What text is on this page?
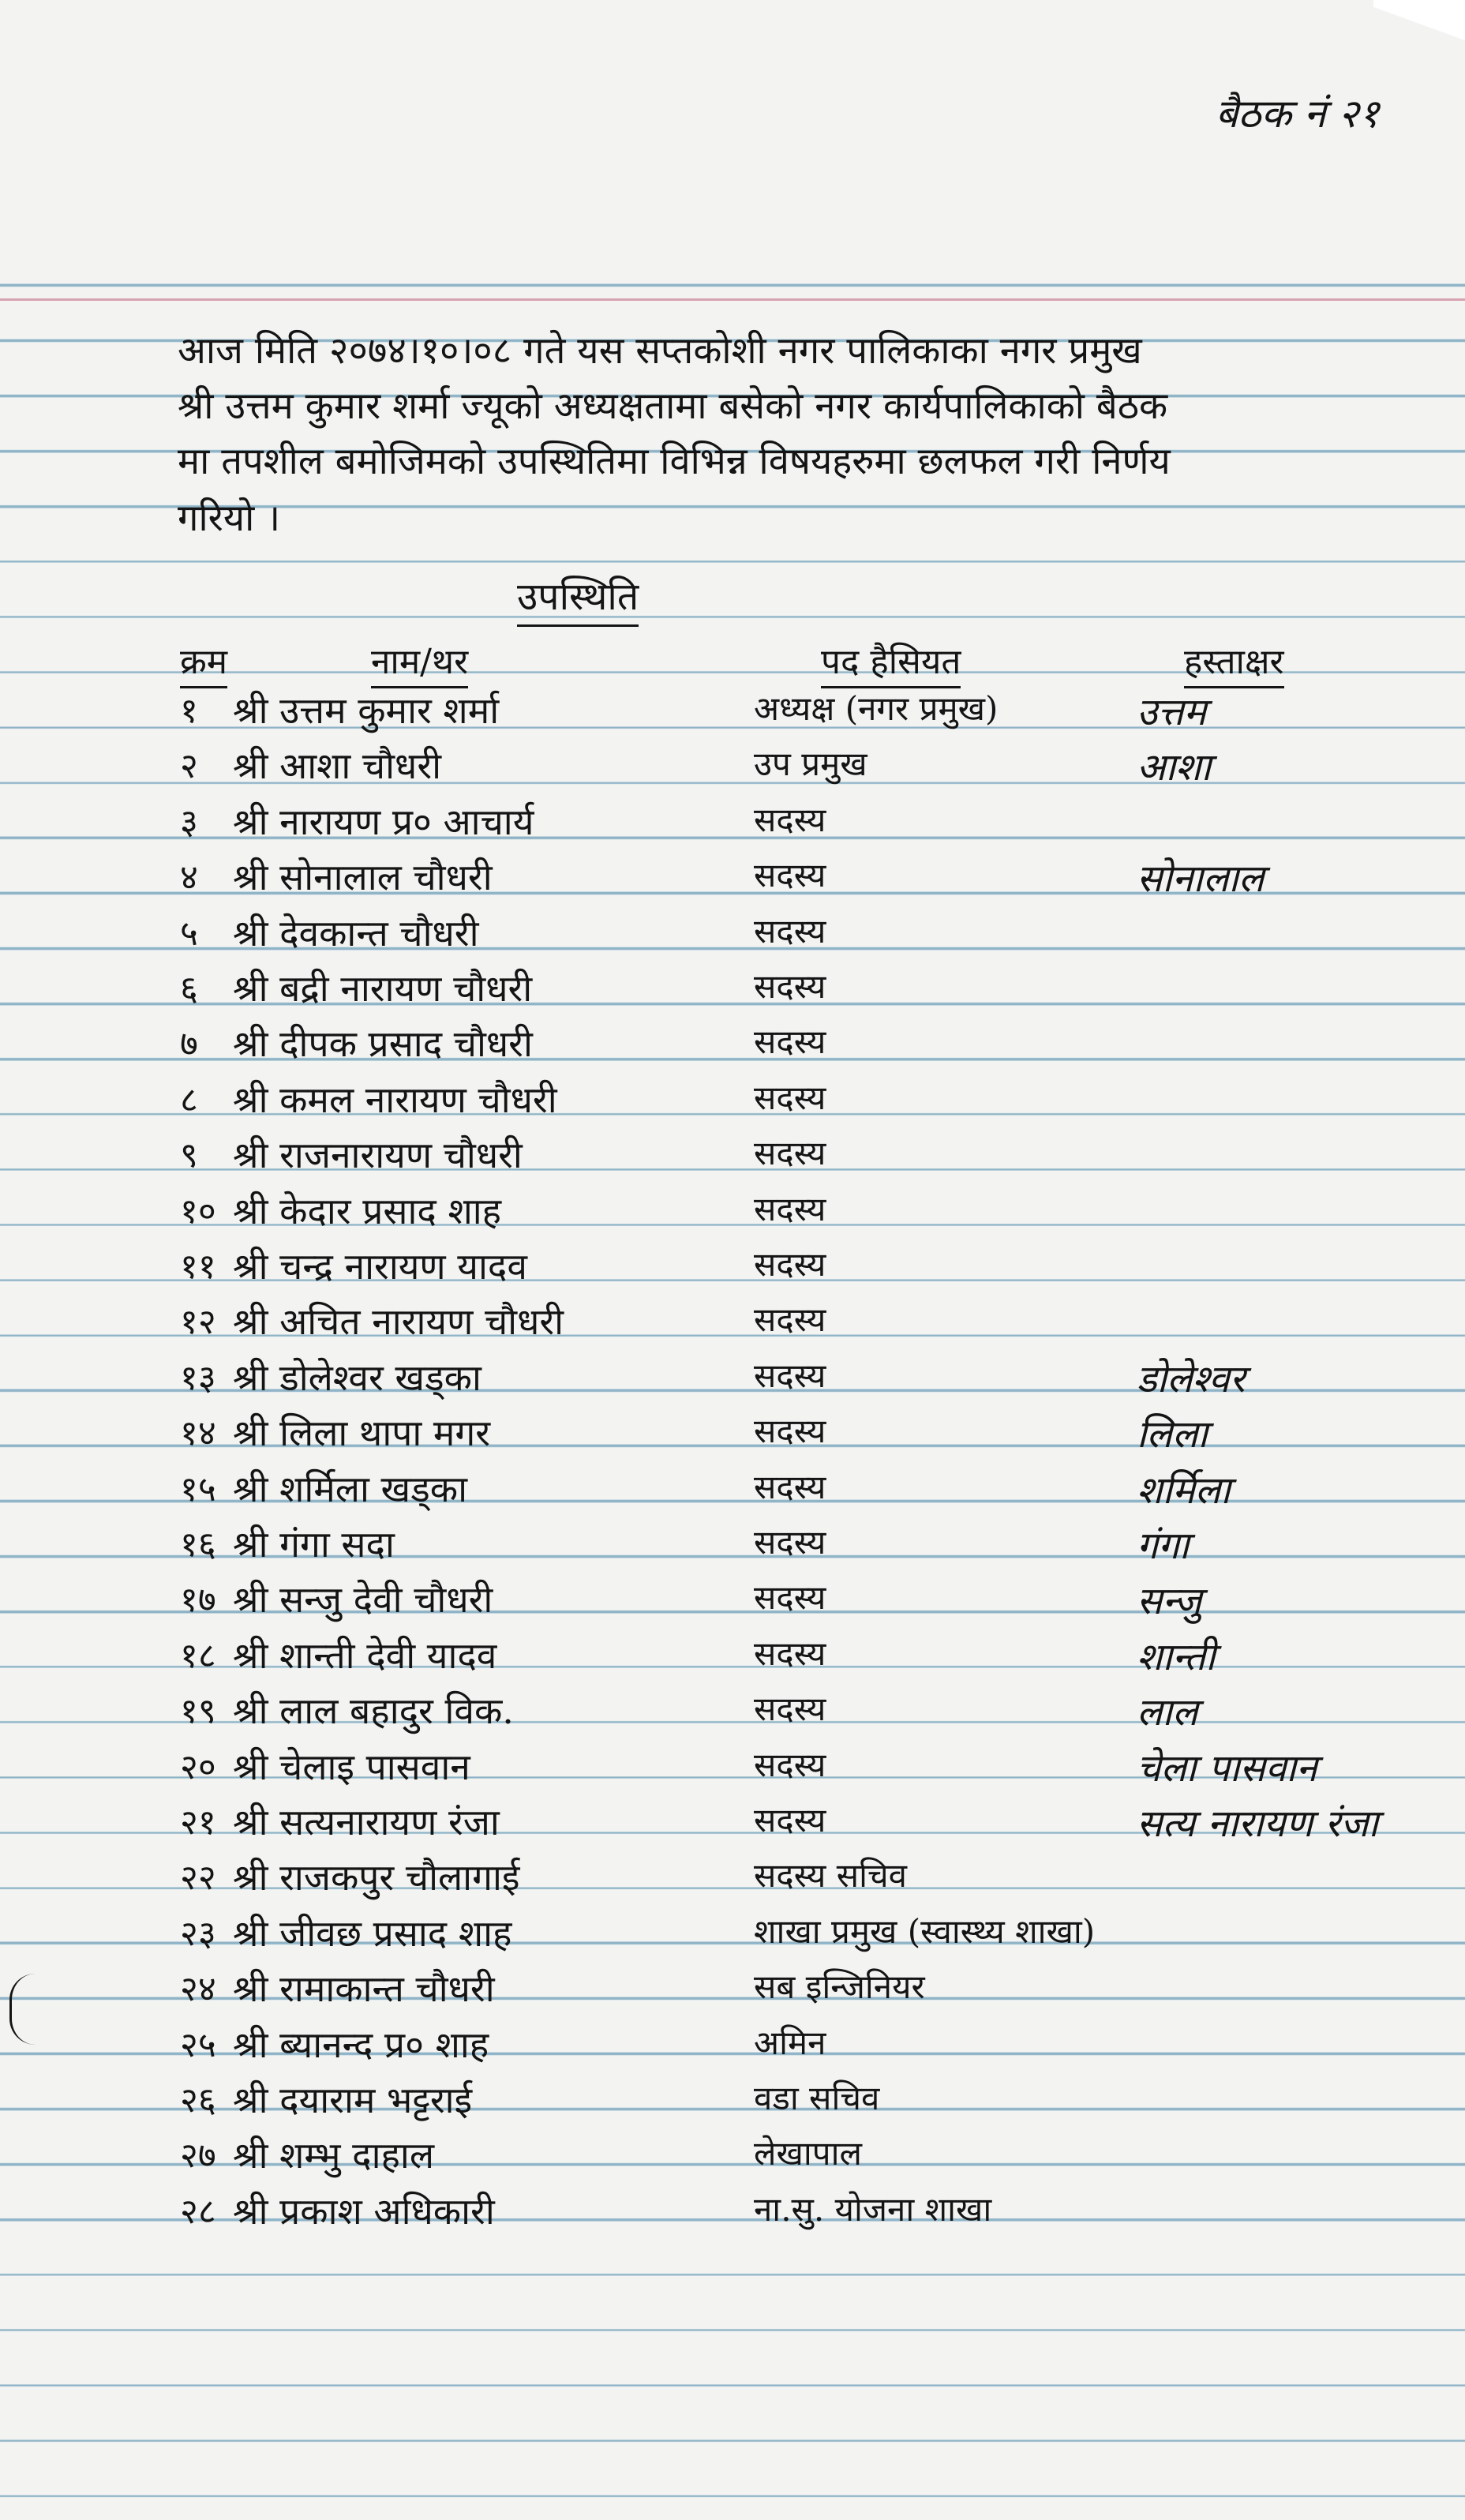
बैठक नं २१
आज मिति २०७४।१०।०८ गते यस सप्तकोशी नगर पालिकाका नगर प्रमुख
श्री उत्तम कुमार शर्मा ज्यूको अध्यक्षतामा बसेको नगर कार्यपालिकाको बैठक
मा तपशील बमोजिमको उपस्थितिमा विभिन्न विषयहरुमा छलफल गरी निर्णय
गरियो ।
उपस्थिति
क्रम	नाम/थर	पद हैसियत	हस्ताक्षर
१ श्री उत्तम कुमार शर्मा	अध्यक्ष (नगर प्रमुख)	उत्तम
२ श्री आशा चौधरी	उप प्रमुख	आशा
३ श्री नारायण प्र० आचार्य	सदस्य
४ श्री सोनालाल चौधरी	सदस्य	सोनालाल
५ श्री देवकान्त चौधरी	सदस्य
६ श्री बद्री नारायण चौधरी	सदस्य
७ श्री दीपक प्रसाद चौधरी	सदस्य
८ श्री कमल नारायण चौधरी	सदस्य
९ श्री राजनारायण चौधरी	सदस्य
१० श्री केदार प्रसाद शाह	सदस्य
११ श्री चन्द्र नारायण यादव	सदस्य
१२ श्री अचित नारायण चौधरी	सदस्य
१३ श्री डोलेश्वर खड्का	सदस्य	डोलेश्वर
१४ श्री लिला थापा मगर	सदस्य	लिला
१५ श्री शर्मिला खड्का	सदस्य	शर्मिला
१६ श्री गंगा सदा	सदस्य	गंगा
१७ श्री सन्जु देवी चौधरी	सदस्य	सन्जु
१८ श्री शान्ती देवी यादव	सदस्य	शान्ती
१९ श्री लाल बहादुर विक.	सदस्य	लाल
२० श्री चेलाइ पासवान	सदस्य	चेला पासवान
२१ श्री सत्यनारायण रंजा	सदस्य	सत्य नारायण रंजा
२२ श्री राजकपुर चौलागाई	सदस्य सचिव
२३ श्री जीवछ प्रसाद शाह	शाखा प्रमुख (स्वास्थ्य शाखा)
२४ श्री रामाकान्त चौधरी	सब इन्जिनियर
२५ श्री ब्यानन्द प्र० शाह	अमिन
२६ श्री दयाराम भट्टराई	वडा सचिव
२७ श्री शम्भु दाहाल	लेखापाल
२८ श्री प्रकाश अधिकारी	ना.सु. योजना शाखा
